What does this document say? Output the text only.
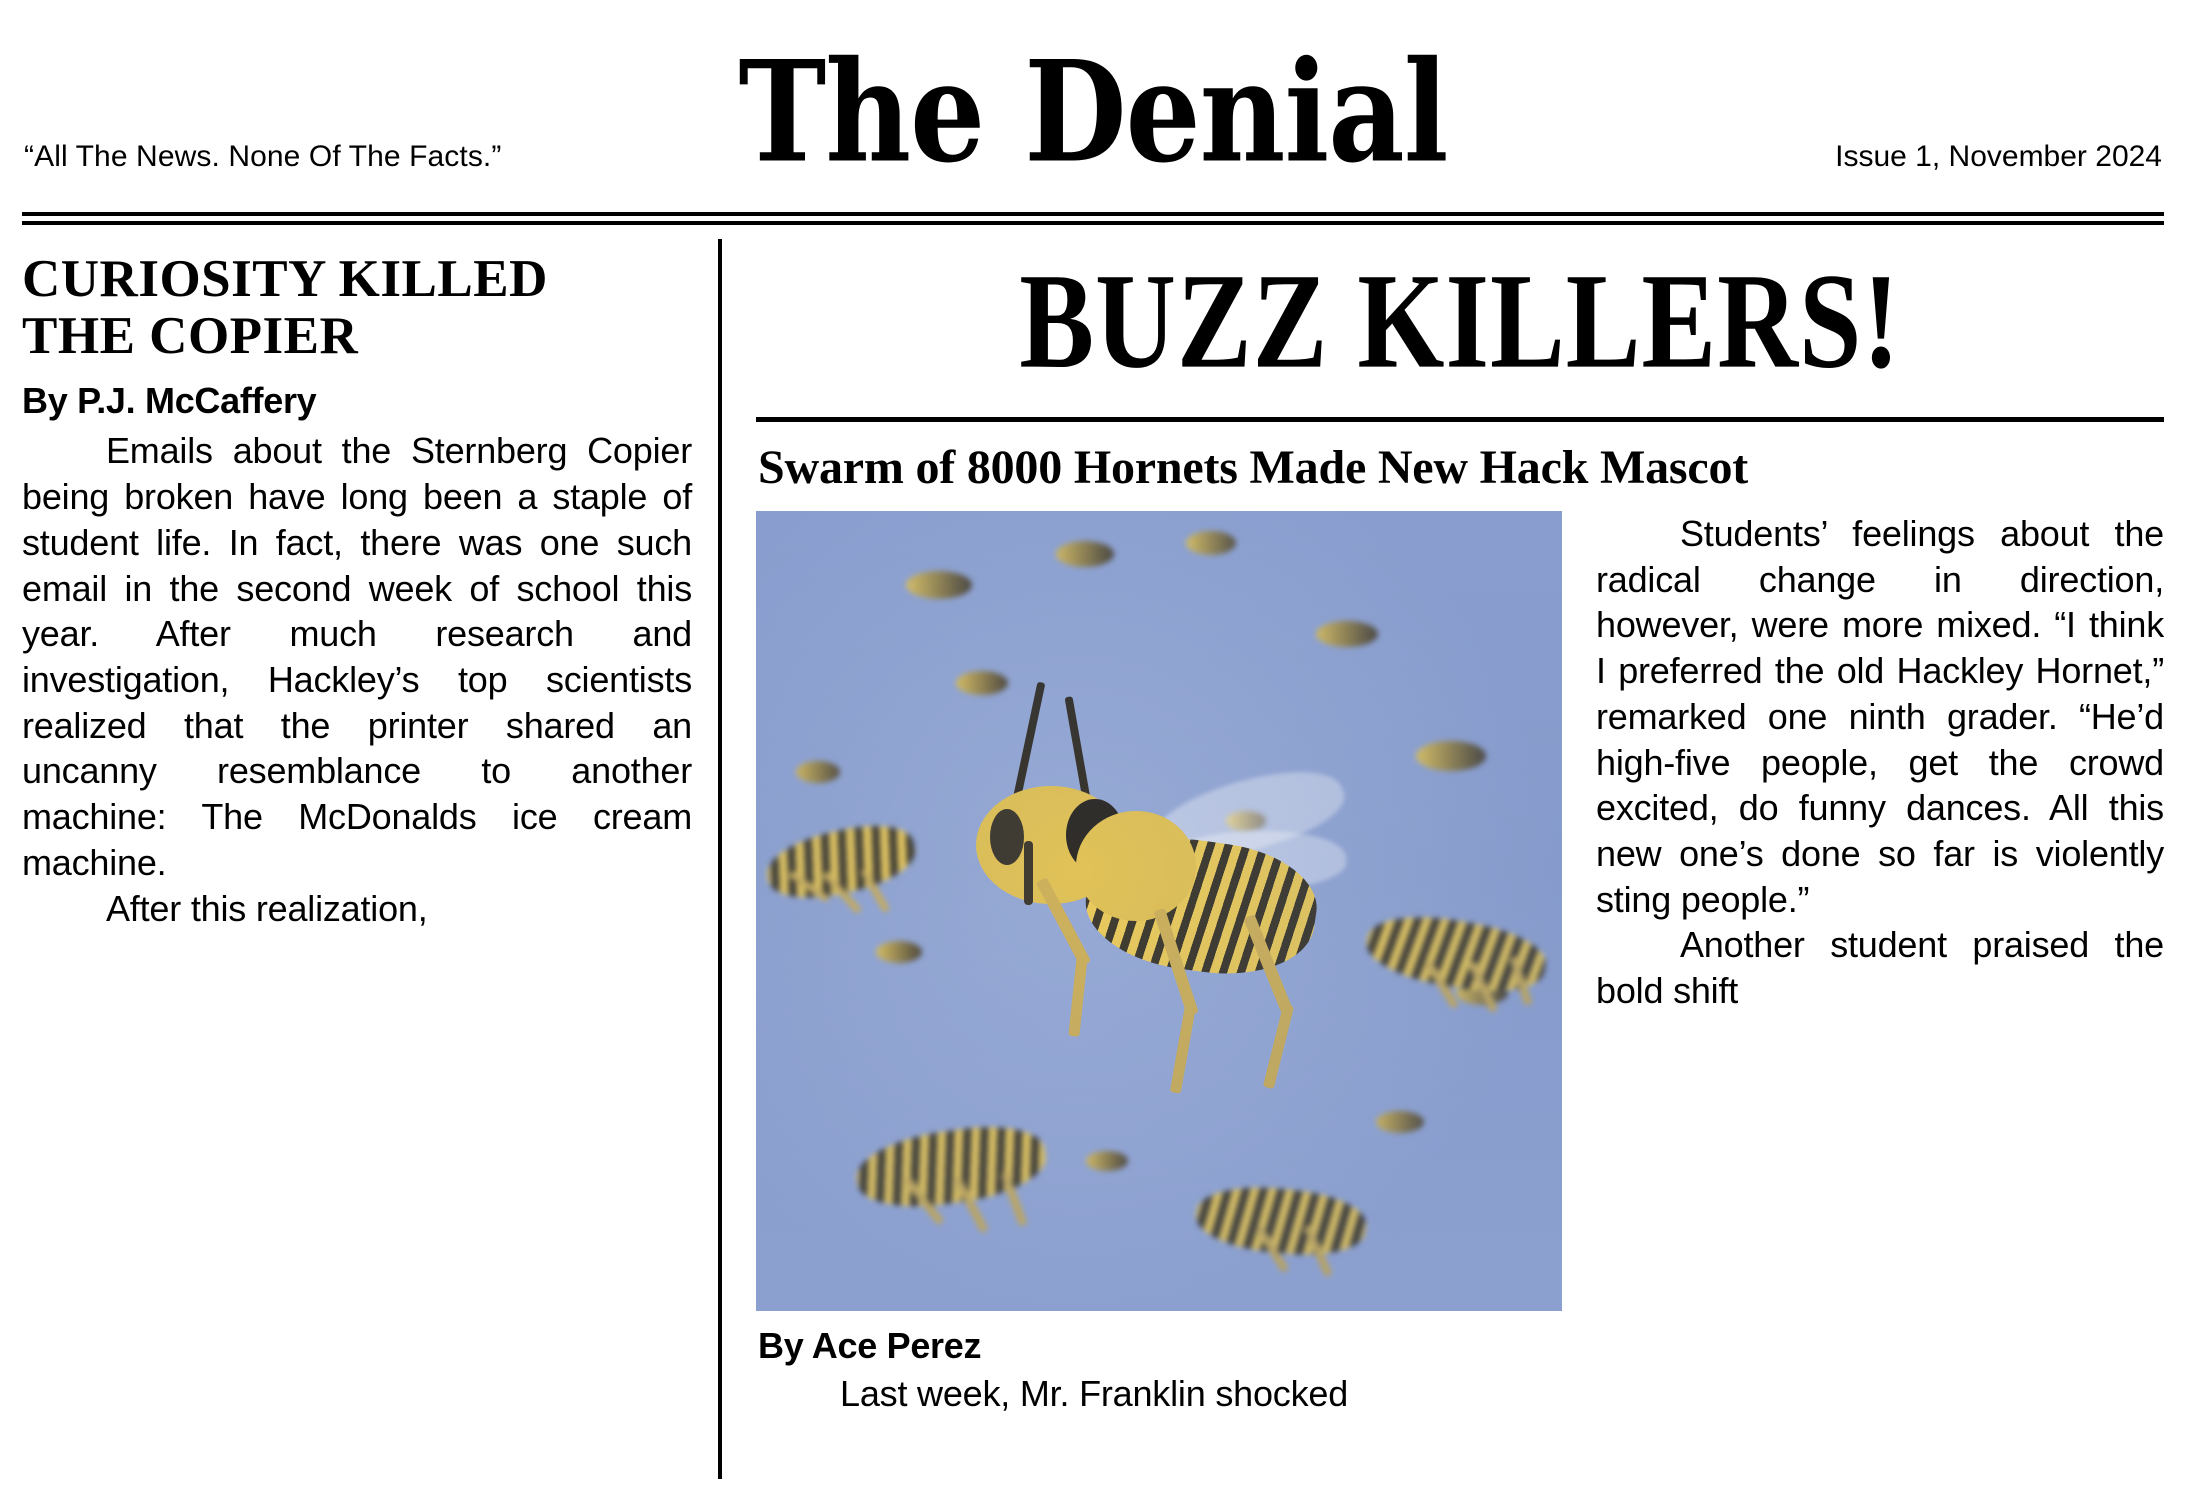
The Denial
“All The News. None Of The Facts.”	Issue 1, November 2024
CURIOSITY KILLED
THE COPIER
By P.J. McCaffery

Emails about the Sternberg Copier being broken have long been a staple of student life. In fact, there was one such email in the second week of school this year. After much research and investigation, Hackley’s top scientists realized that the printer shared an uncanny resemblance to another machine: The McDonalds ice cream machine.

After this realization,

BUZZ KILLERS!
Swarm of 8000 Hornets Made New Hack Mascot
By Ace Perez

Last week, Mr. Franklin shocked

Students’ feelings about the radical change in direction, however, were more mixed. “I think I preferred the old Hackley Hornet,” remarked one ninth grader. “He’d high-five people, get the crowd excited, do funny dances. All this new one’s done so far is violently sting people.”

Another student praised the bold shift
